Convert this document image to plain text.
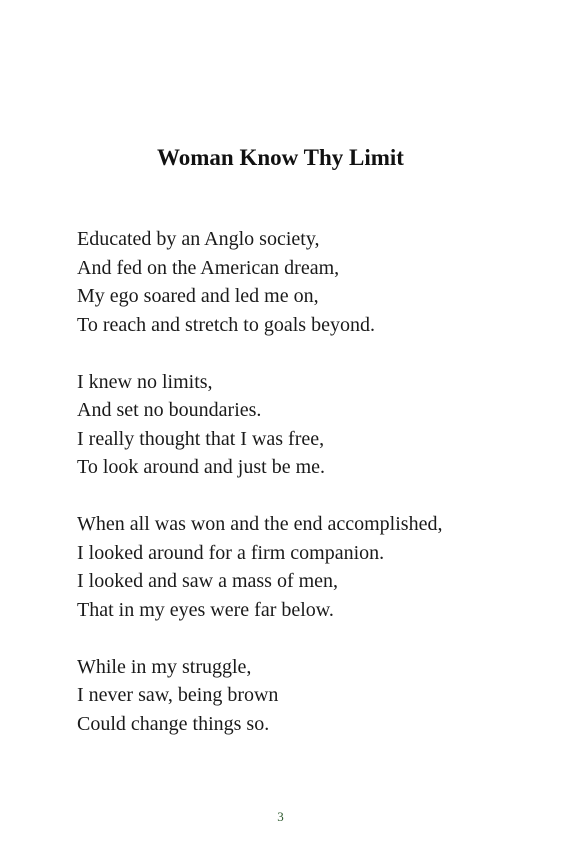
Woman Know Thy Limit
Educated by an Anglo society,
And fed on the American dream,
My ego soared and led me on,
To reach and stretch to goals beyond.
I knew no limits,
And set no boundaries.
I really thought that I was free,
To look around and just be me.
When all was won and the end accomplished,
I looked around for a firm companion.
I looked and saw a mass of men,
That in my eyes were far below.
While in my struggle,
I never saw, being brown
Could change things so.
3
